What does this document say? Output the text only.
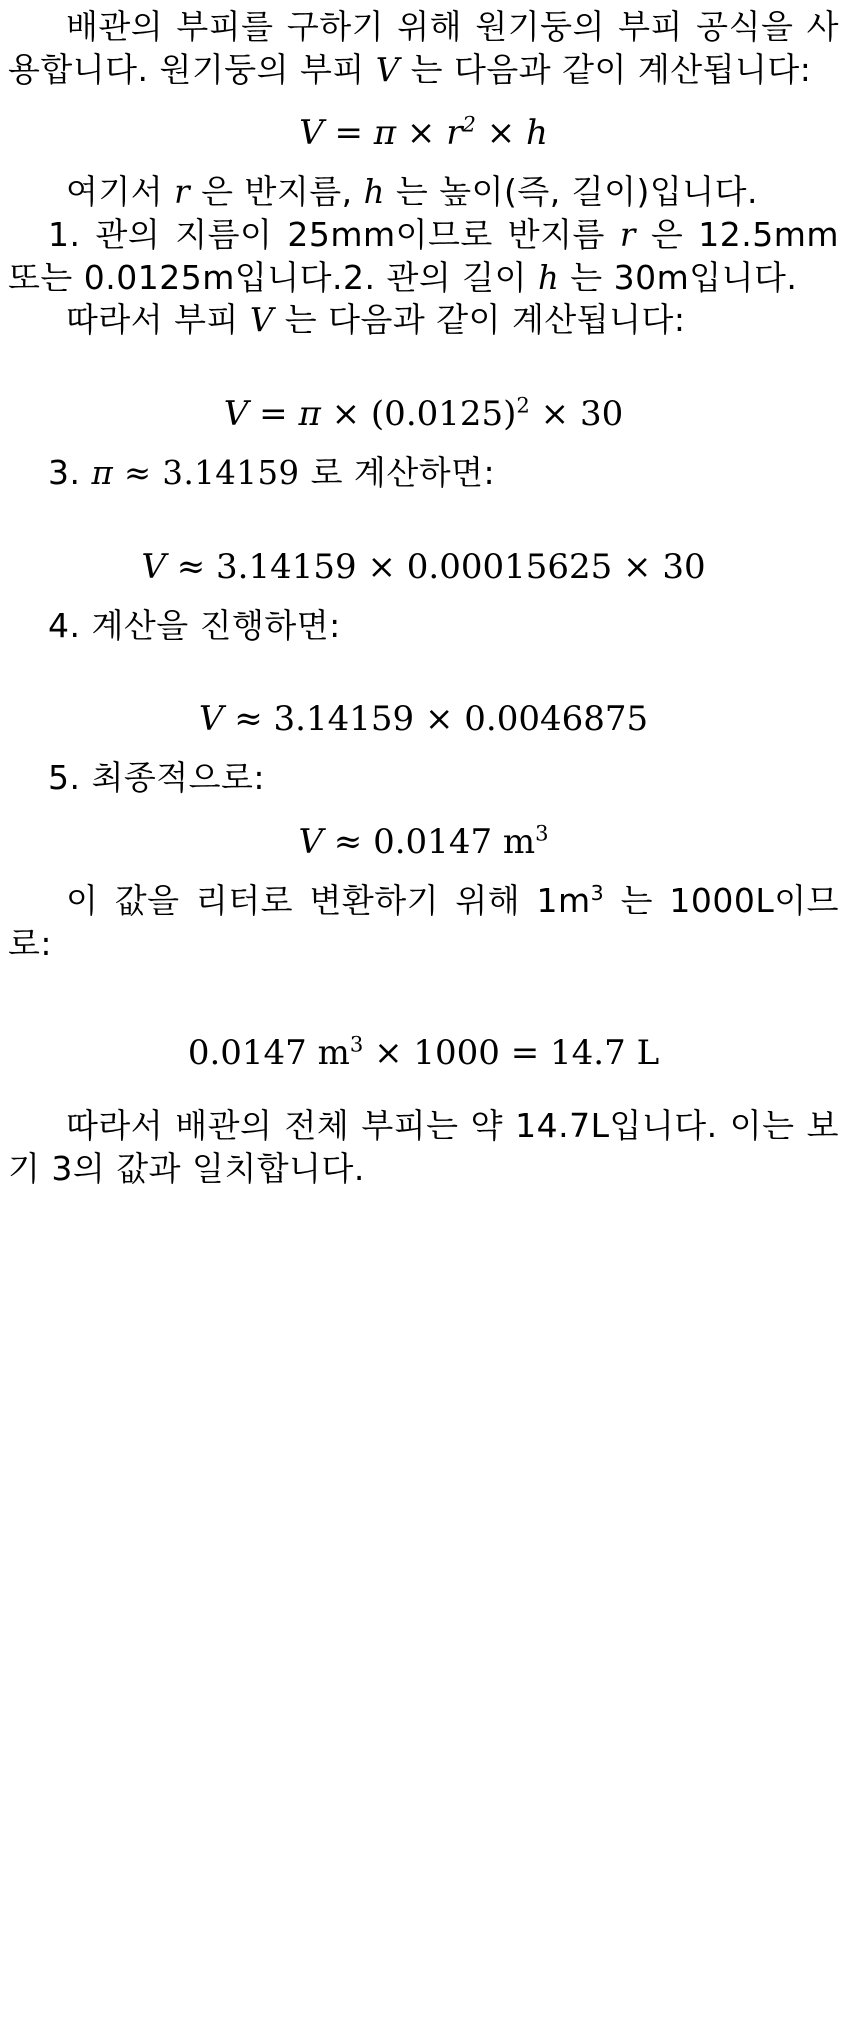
배관의 부피를 구하기 위해 원기둥의 부피 공식을 사용합니다. 원기둥의 부피 V 는 다음과 같이 계산됩니다:

$V = \pi \times r^2 \times h$

여기서 r 은 반지름, h 는 높이(즉, 길이)입니다.

1. 관의 지름이 25mm이므로 반지름 r 은 12.5mm 또는 0.0125m입니다.2. 관의 길이 h 는 30m입니다.

따라서 부피 V 는 다음과 같이 계산됩니다:

$V = \pi \times (0.0125)^2 \times 30$

3. π ≈ 3.14159 로 계산하면:

V ≈ 3.14159 × 0.00015625 × 30

4. 계산을 진행하면:

V ≈ 3.14159 × 0.0046875

5. 최종적으로:

V ≈ 0.0147 $m^3$

이 값을 리터로 변환하기 위해 $1m^3$ 는 1000L이므로:

0.0147 $m^3 \times 1000 = 14.7$ L

따라서 배관의 전체 부피는 약 14.7L입니다. 이는 보기 3의 값과 일치합니다.
